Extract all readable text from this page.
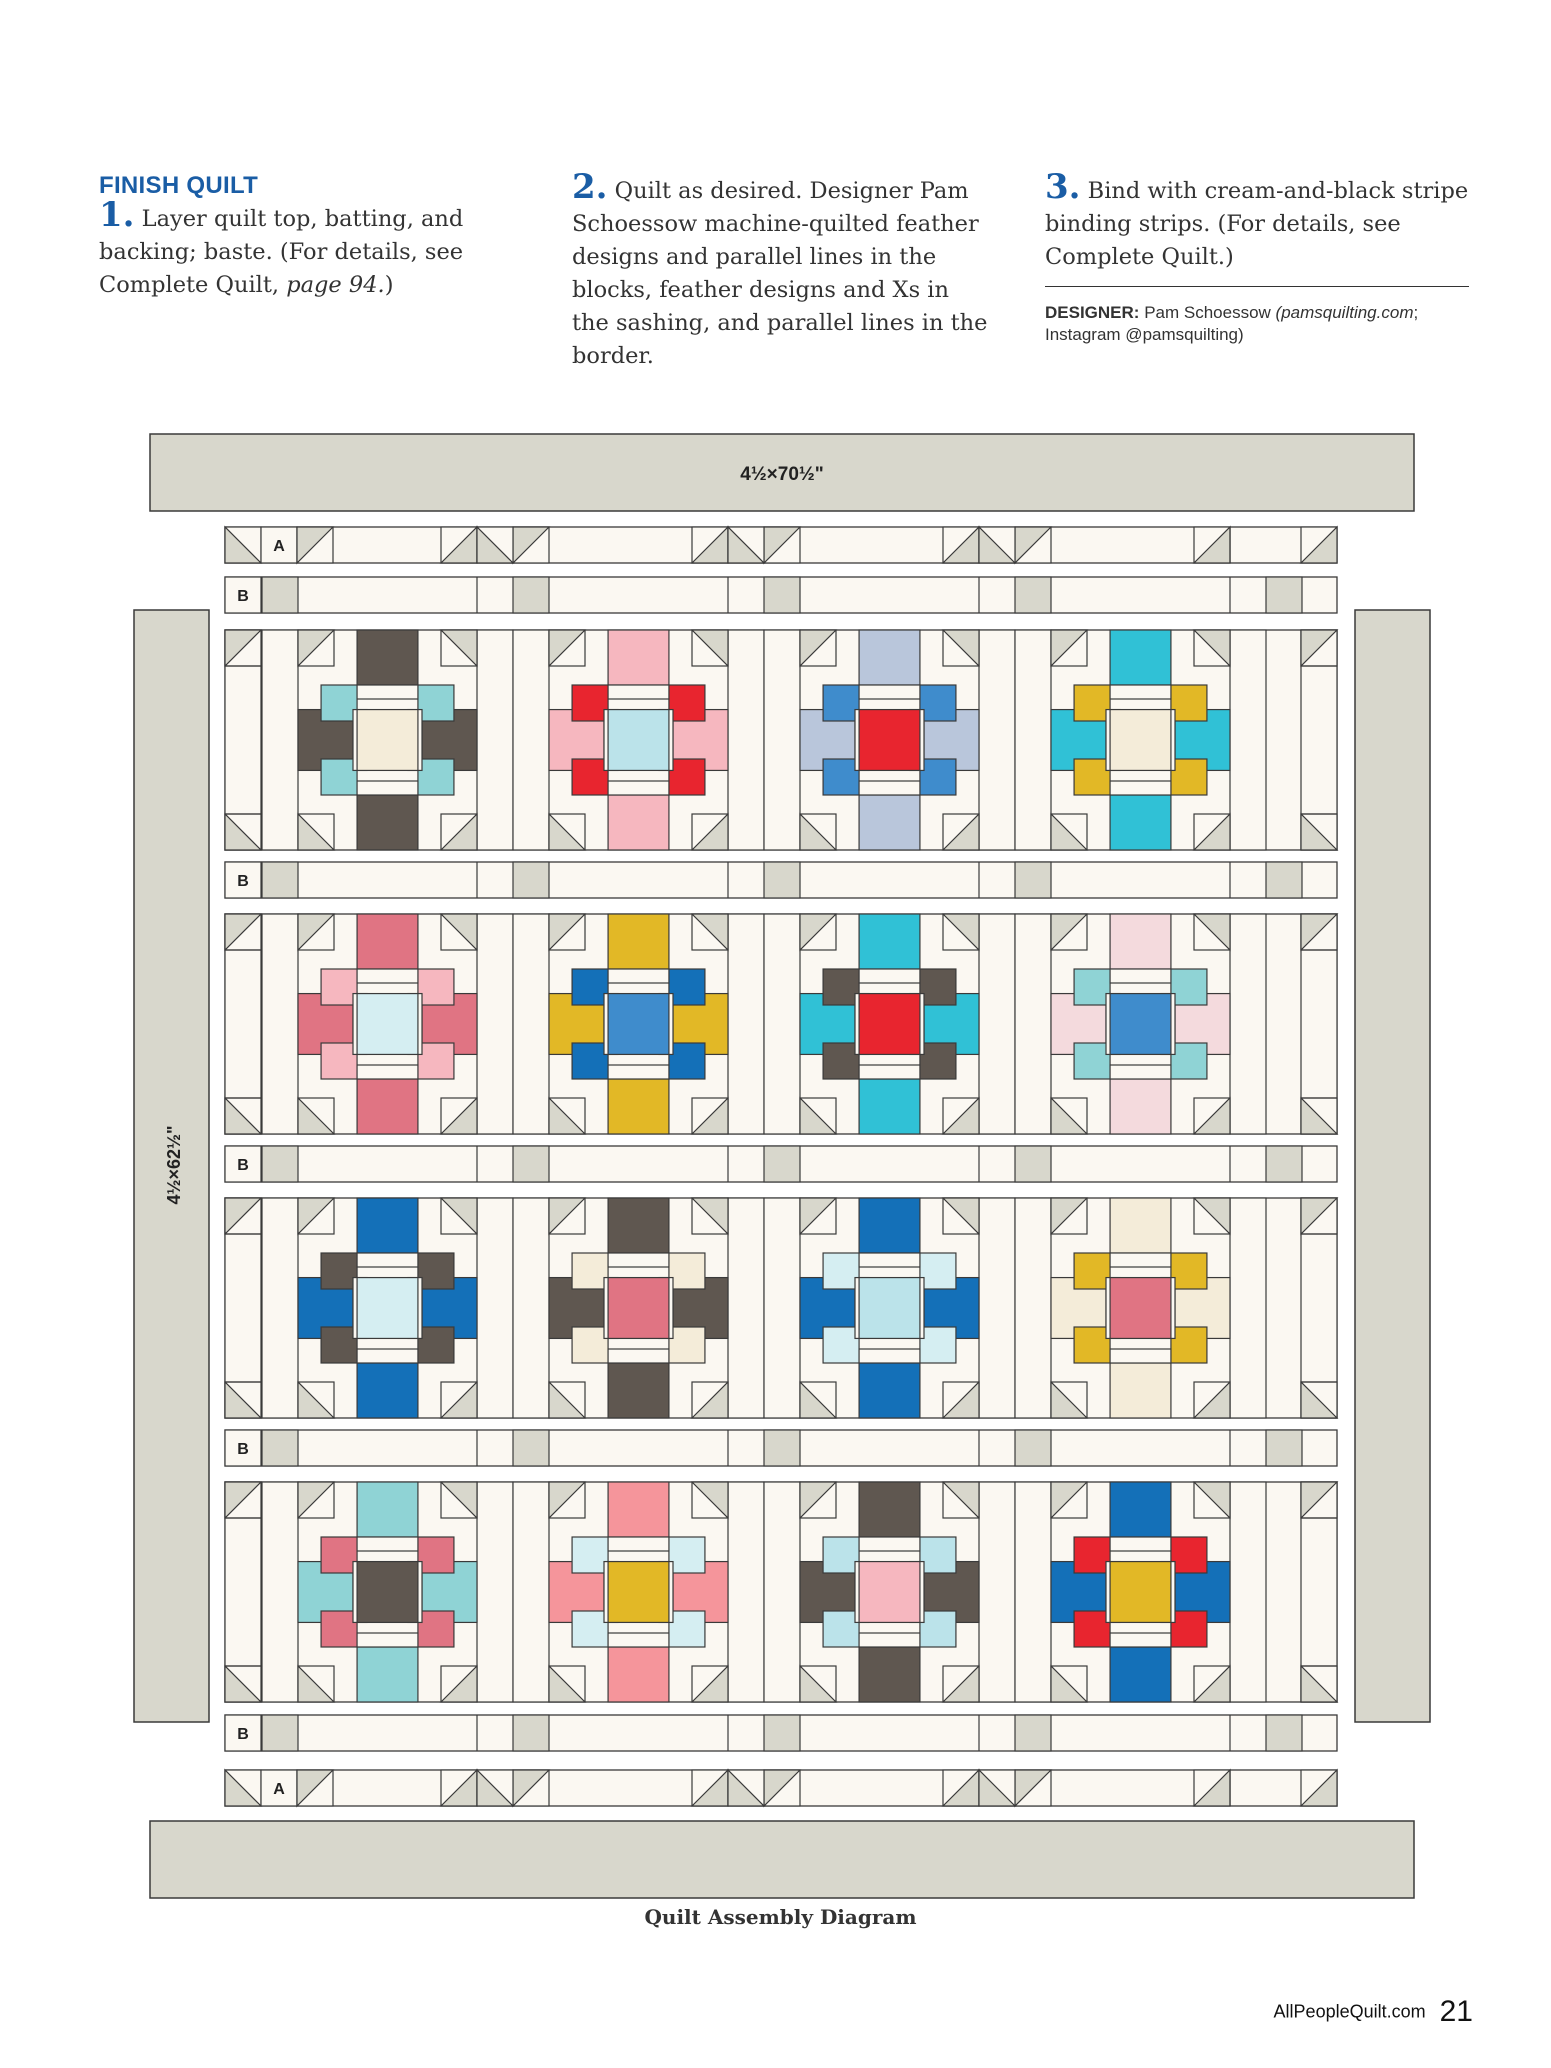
FINISH QUILT
1. Layer quilt top, batting, and backing; baste. (For details, see Complete Quilt, page 94.)
2. Quilt as desired. Designer Pam Schoessow machine-quilted feather designs and parallel lines in the blocks, feather designs and Xs in the sashing, and parallel lines in the border.
3. Bind with cream-and-black stripe binding strips. (For details, see Complete Quilt.)
DESIGNER: Pam Schoessow (pamsquilting.com;
Instagram @pamsquilting)
4½×70½"
4½×62½"
A
A
B
B
B
B
B
Quilt Assembly Diagram
AllPeopleQuilt.com 21
